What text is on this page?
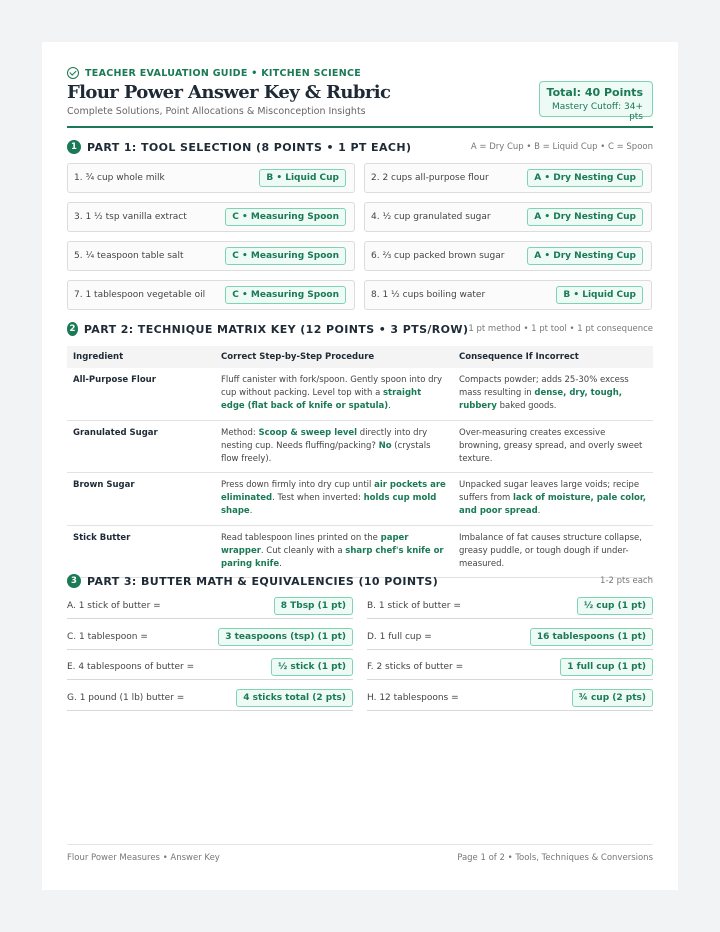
TEACHER EVALUATION GUIDE • KITCHEN SCIENCE
Flour Power Answer Key & Rubric
Complete Solutions, Point Allocations & Misconception Insights
Total: 40 Points
Mastery Cutoff: 34+ pts
1 PART 1: TOOL SELECTION (8 POINTS • 1 PT EACH)	A = Dry Cup • B = Liquid Cup • C = Spoon
1. ¾ cup whole milk	B • Liquid Cup	2. 2 cups all-purpose flour	A • Dry Nesting Cup
3. 1 ½ tsp vanilla extract	C • Measuring Spoon	4. ½ cup granulated sugar	A • Dry Nesting Cup
5. ¼ teaspoon table salt	C • Measuring Spoon	6. ⅔ cup packed brown sugar	A • Dry Nesting Cup
7. 1 tablespoon vegetable oil	C • Measuring Spoon	8. 1 ½ cups boiling water	B • Liquid Cup
2 PART 2: TECHNIQUE MATRIX KEY (12 POINTS • 3 PTS/ROW) 1 pt method • 1 pt tool • 1 pt consequence
Ingredient	Correct Step-by-Step Procedure	Consequence If Incorrect
All-Purpose Flour	Fluff canister with fork/spoon. Gently spoon into dry cup without packing. Level top with a straight edge (flat back of knife or spatula).	Compacts powder; adds 25-30% excess mass resulting in dense, dry, tough, rubbery baked goods.
Granulated Sugar	Method: Scoop & sweep level directly into dry nesting cup. Needs fluffing/packing? No (crystals flow freely).	Over-measuring creates excessive browning, greasy spread, and overly sweet texture.
Brown Sugar	Press down firmly into dry cup until air pockets are eliminated. Test when inverted: holds cup mold shape.	Unpacked sugar leaves large voids; recipe suffers from lack of moisture, pale color, and poor spread.
Stick Butter	Read tablespoon lines printed on the paper wrapper. Cut cleanly with a sharp chef's knife or paring knife.	Imbalance of fat causes structure collapse, greasy puddle, or tough dough if under-measured.
3 PART 3: BUTTER MATH & EQUIVALENCIES (10 POINTS)	1-2 pts each
A. 1 stick of butter =	8 Tbsp (1 pt)	B. 1 stick of butter =	½ cup (1 pt)
C. 1 tablespoon =	3 teaspoons (tsp) (1 pt)	D. 1 full cup =	16 tablespoons (1 pt)
E. 4 tablespoons of butter =	½ stick (1 pt)	F. 2 sticks of butter =	1 full cup (1 pt)
G. 1 pound (1 lb) butter =	4 sticks total (2 pts)	H. 12 tablespoons =	¾ cup (2 pts)
Flour Power Measures • Answer Key	Page 1 of 2 • Tools, Techniques & Conversions
